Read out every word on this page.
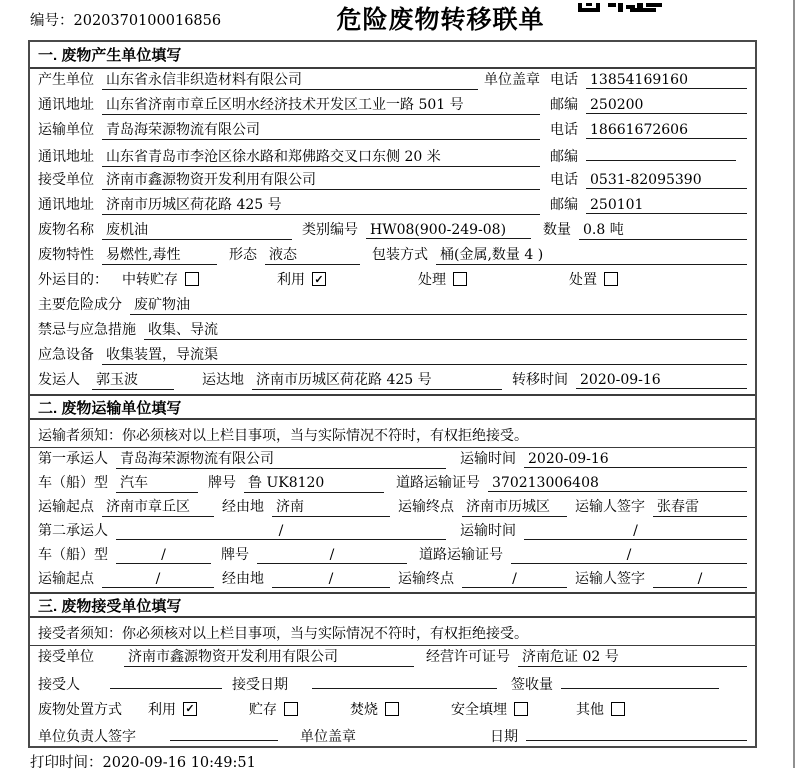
危险废物转移联单
编号：2020370100016856
一. 废物产生单位填写
产生单位 山东省永信非织造材料有限公司	单位盖章 电话 13854169160
通讯地址 山东省济南市章丘区明水经济技术开发区工业一路 501 号	邮编 250200
运输单位 青岛海荣源物流有限公司	电话 18661672606
通讯地址 山东省青岛市李沧区徐水路和郑佛路交叉口东侧 20 米	邮编
接受单位 济南市鑫源物资开发利用有限公司	电话 0531-82095390
通讯地址 济南市历城区荷花路 425 号	邮编 250101
废物名称 废机油	类别编号 HW08(900-249-08)	数量 0.8 吨
废物特性 易燃性,毒性	形态 液态	包装方式 桶(金属,数量 4 )
外运目的： 中转贮存	利用 ✓	处理	处置
主要危险成分 废矿物油
禁忌与应急措施 收集、导流
应急设备 收集装置，导流渠
发运人 郭玉波	运达地 济南市历城区荷花路 425 号	转移时间 2020-09-16
二. 废物运输单位填写
运输者须知：你必须核对以上栏目事项，当与实际情况不符时，有权拒绝接受。
第一承运人 青岛海荣源物流有限公司	运输时间 2020-09-16
车（船）型 汽车	牌号 鲁 UK8120	道路运输证号 370213006408
运输起点 济南市章丘区	经由地 济南	运输终点 济南市历城区	运输人签字 张春雷
第二承运人	/	运输时间	/
车（船）型	/	牌号	/	道路运输证号	/
运输起点	/	经由地	/	运输终点	/	运输人签字	/
三. 废物接受单位填写
接受者须知：你必须核对以上栏目事项，当与实际情况不符时，有权拒绝接受。
接受单位 济南市鑫源物资开发利用有限公司	经营许可证号 济南危证 02 号
接受人	接受日期	签收量
废物处置方式 利用 ✓	贮存	焚烧	安全填埋	其他
单位负责人签字	单位盖章	日期
打印时间：2020-09-16 10:49:51
